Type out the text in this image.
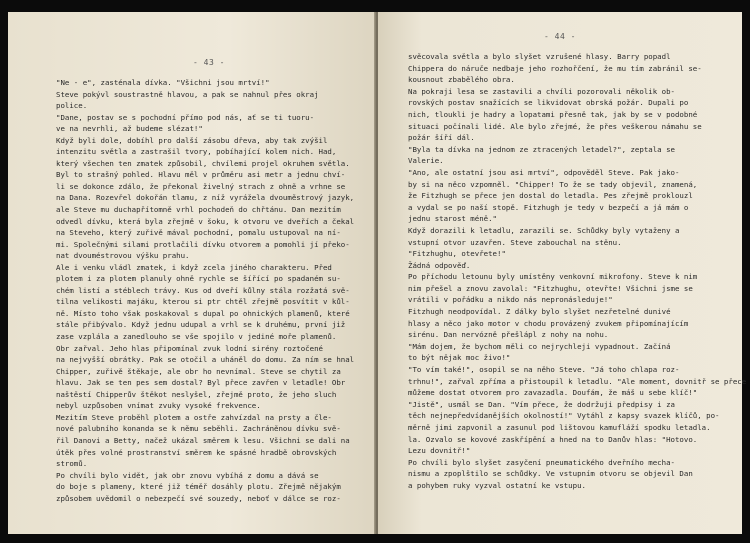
- 43 -
"Ne - e", zasténala dívka. "Všichni jsou mrtví!"
Steve pokývl soustrastně hlavou, a pak se nahnul přes okraj
police.
"Dane, postav se s pochodní přímo pod nás, ať se ti tuoru-
ve na nevrhli, až budeme slézat!"
Když byli dole, dobíhl pro další zásobu dřeva, aby tak zvýšil
intenzitu světla a zastrašil tvory, pobíhající kolem nich. Had,
který všechen ten zmatek způsobil, chvílemi projel okruhem světla.
Byl to strašný pohled. Hlavu měl v průměru asi metr a jednu chví-
li se dokonce zdálo, že překonal živelný strach z ohně a vrhne se
na Dana. Rozevřel dokořán tlamu, z níž vyrážela dvouměstrový jazyk,
ale Steve mu duchapřítomně vrhl pochodeň do chřtánu. Dan mezitím
odvedl dívku, která byla zřejmě v šoku, k otvoru ve dveřích a čekal
na Steveho, který zuřivě mával pochodní, pomalu ustupoval na ní-
mi. Společnými silami protlačili dívku otvorem a pomohli jí překo-
nat dvouméstrovou výšku prahu.
Ale i venku vládl zmatek, i když zcela jiného charakteru. Před
plotem i za plotem planuly ohně rychle se šířící po spadaném su-
chém listí a stéblech trávy. Kus od dveří kůlny stála rozžatá svě-
tilna velikosti majáku, kterou si ptr chtěl zřejmě posvítit v kůl-
ně. Místo toho však poskakoval s dupal po ohnických plamenů, které
stále přibývalo. Když jednu udupal a vrhl se k druhému, první již
zase vzplála a zanedlouho se vše spojilo v jediné moře plamenů.
Obr zařval. Jeho hlas připomínal zvuk lodní sirény roztočené
na nejvyšší obrátky. Pak se otočil a uháněl do domu. Za ním se hnal
Chipper, zuřivě štěkaje, ale obr ho nevnímal. Steve se chytil za
hlavu. Jak se ten pes sem dostal? Byl přece zavřen v letadle! Obr
naštěstí Chipperův štěkot neslyšel, zřejmě proto, že jeho sluch
nebyl uzpůsoben vnímat zvuky vysoké frekvence.
Mezitím Steve proběhl plotem a ostře zahvízdal na prsty a čle-
nové palubního konanda se k němu seběhli. Zachráněnou dívku svě-
řil Danovi a Betty, načež ukázal směrem k lesu. Všichni se dali na
útěk přes volné prostranství směrem ke spásné hradbě obrovských
stromů.
Po chvíli bylo vidět, jak obr znovu vybíhá z domu a dává se
do boje s plameny, které již téměř dosáhly plotu. Zřejmě nějakým
způsobem uvědomil o nebezpečí své souzedy, neboť v dálce se roz-
- 44 -
svěcovala světla a bylo slyšet vzrušené hlasy. Barry popadl
Chippera do náruče nedbaje jeho rozhořčení, že mu tím zabránil se-
kousnout zbabělého obra.
Na pokraji lesa se zastavili a chvíli pozorovali několik ob-
rovských postav snažících se likvidovat obrská požár. Dupali po
nich, tloukli je hadry a lopatami přesně tak, jak by se v podobné
situaci počínali lidé. Ale bylo zřejmé, že přes veškerou námahu se
požár šíří dál.
"Byla ta dívka na jednom ze ztracených letadel?", zeptala se
Valerie.
"Ano, ale ostatní jsou asi mrtví", odpověděl Steve. Pak jako-
by si na něco vzpomněl. "Chipper! To že se tady objevil, znamená,
že Fitzhugh se přece jen dostal do letadla. Pes zřejmě proklouzl
a vydal se po naší stopě. Fitzhugh je tedy v bezpečí a já mám o
jednu starost méně."
Když dorazili k letadlu, zarazili se. Schůdky byly vytaženy a
vstupní otvor uzavřen. Steve zabouchal na stěnu.
"Fitzhughu, otevřete!"
Žádná odpověď.
Po příchodu letounu byly umístěny venkovní mikrofony. Steve k nim
nim přešel a znovu zavolal: "Fitzhughu, otevřte! Všichni jsme se
vrátili v pořádku a nikdo nás nepronásleduje!"
Fitzhugh neodpovídal. Z dálky bylo slyšet nezřetelné dunivé
hlasy a něco jako motor v chodu provázený zvukem připomínajícím
sirénu. Dan nervózně přešlápl z nohy na nohu.
"Mám dojem, že bychom měli co nejrychleji vypadnout. Začíná
to být nějak moc živo!"
"To vím také!", osopil se na něho Steve. "Já toho chlapa roz-
trhnu!", zařval zpříma a přistoupil k letadlu. "Ale moment, dovnitř se přece
můžeme dostat otvorem pro zavazadla. Doufám, že máš u sebe klíč!"
"Jistě", usmál se Dan. "Vím přece, že dodržuji předpisy i za
těch nejnepředvídanějších okolností!" Vytáhl z kapsy svazek klíčů, po-
měrně jimi zapvonil a zasunul pod lištovou kamufláží spodku letadla.
la. Ozvalo se kovové zaskřípění a hned na to Danův hlas: "Hotovo.
Lezu dovnitř!"
Po chvíli bylo slyšet zasyčení pneumatického dveřního mecha-
nismu a zpoplštilo se schůdky. Ve vstupním otvoru se objevil Dan
a pohybem ruky vyzval ostatní ke vstupu.
